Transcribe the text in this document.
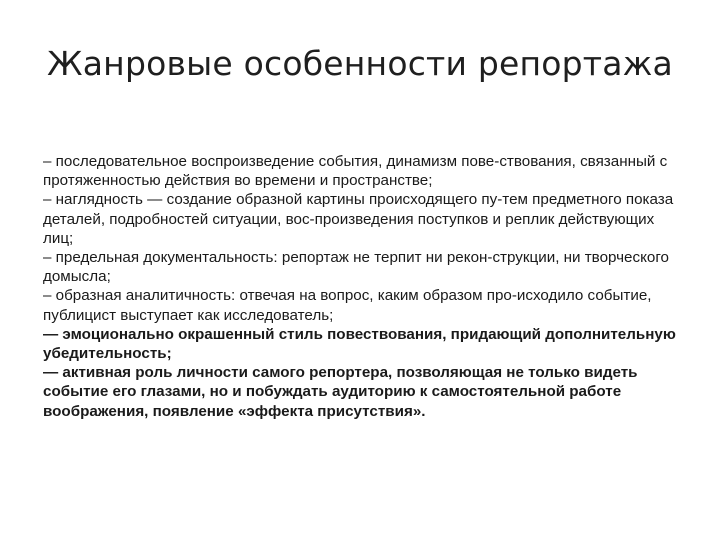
Жанровые особенности репортажа

– последовательное воспроизведение события, динамизм пове-ствования, связанный с протяженностью действия во времени и пространстве;

– наглядность — создание образной картины происходящего пу-тем предметного показа деталей, подробностей ситуации, вос-произведения поступков и реплик действующих лиц;

– предельная документальность: репортаж не терпит ни рекон-струкции, ни творческого домысла;

– образная аналитичность: отвечая на вопрос, каким образом про-исходило событие, публицист выступает как исследователь;

— эмоционально окрашенный стиль повествования, придающий дополнительную убедительность;

— активная роль личности самого репортера, позволяющая не только видеть событие его глазами, но и побуждать аудиторию к самостоятельной работе воображения, появление «эффекта присутствия».
